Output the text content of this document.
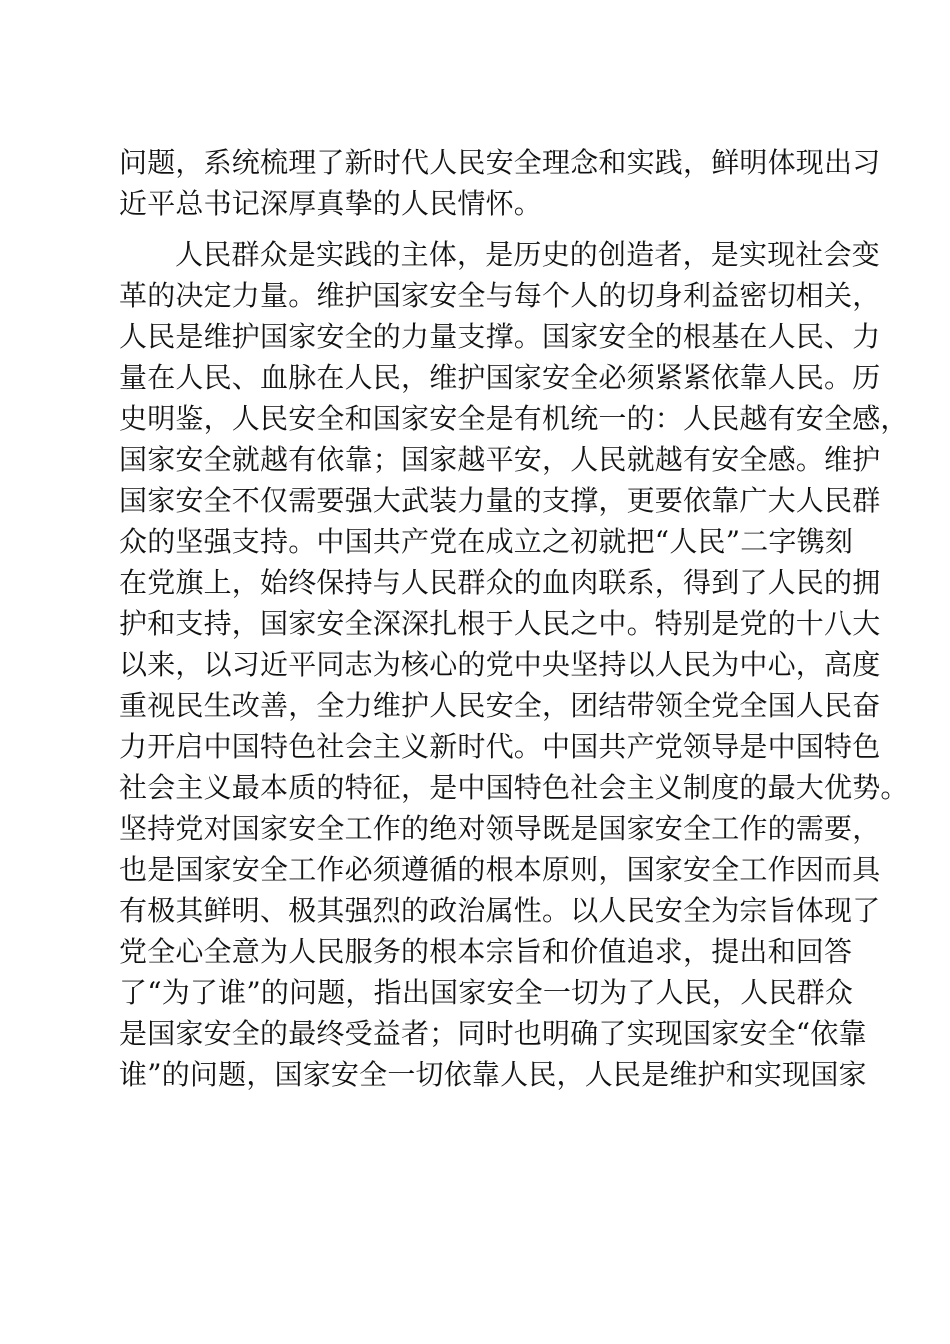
问题，系统梳理了新时代人民安全理念和实践，鲜明体现出习
近平总书记深厚真挚的人民情怀。
人民群众是实践的主体，是历史的创造者，是实现社会变
革的决定力量。维护国家安全与每个人的切身利益密切相关，
人民是维护国家安全的力量支撑。国家安全的根基在人民、力
量在人民、血脉在人民，维护国家安全必须紧紧依靠人民。历
史明鉴，人民安全和国家安全是有机统一的：人民越有安全感，
国家安全就越有依靠；国家越平安，人民就越有安全感。维护
国家安全不仅需要强大武装力量的支撑，更要依靠广大人民群
众的坚强支持。中国共产党在成立之初就把“人民”二字镌刻
在党旗上，始终保持与人民群众的血肉联系，得到了人民的拥
护和支持，国家安全深深扎根于人民之中。特别是党的十八大
以来，以习近平同志为核心的党中央坚持以人民为中心，高度
重视民生改善，全力维护人民安全，团结带领全党全国人民奋
力开启中国特色社会主义新时代。中国共产党领导是中国特色
社会主义最本质的特征，是中国特色社会主义制度的最大优势。
坚持党对国家安全工作的绝对领导既是国家安全工作的需要，
也是国家安全工作必须遵循的根本原则，国家安全工作因而具
有极其鲜明、极其强烈的政治属性。以人民安全为宗旨体现了
党全心全意为人民服务的根本宗旨和价值追求，提出和回答
了“为了谁”的问题，指出国家安全一切为了人民，人民群众
是国家安全的最终受益者；同时也明确了实现国家安全“依靠
谁”的问题，国家安全一切依靠人民，人民是维护和实现国家
